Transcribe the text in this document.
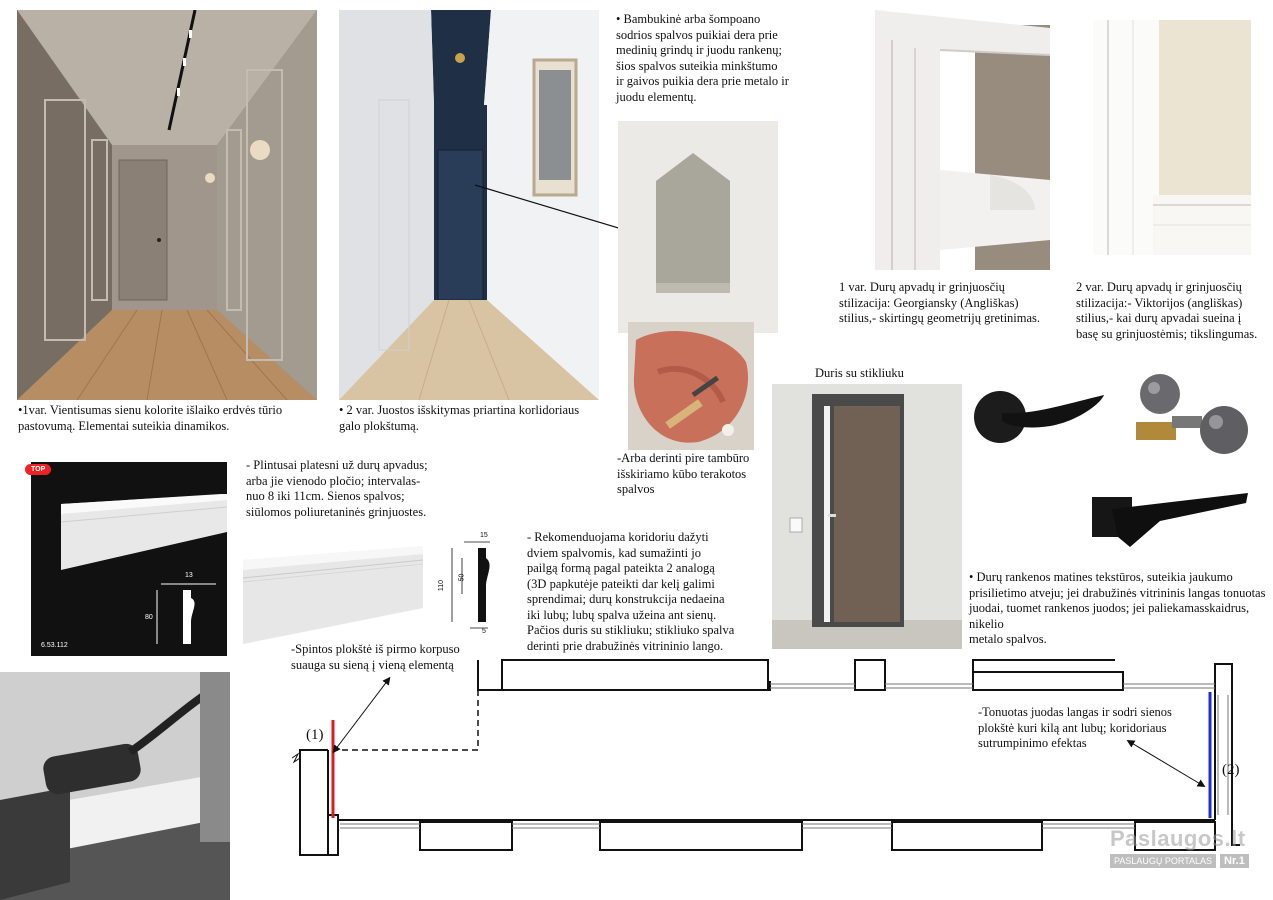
•1var. Vientisumas sienu kolorite išlaiko erdvės tūrio
pastovumą. Elementai suteikia dinamikos.
• 2 var. Juostos išskitymas priartina korlidoriaus
galo plokštumą.
• Bambukinė arba šompoano
sodrios spalvos puikiai dera prie
medinių grindų ir juodu rankenų;
šios spalvos suteikia minkštumo
ir gaivos puikia dera prie metalo ir
juodu elementų.
-Arba derinti pire tambūro
išskiriamo kūbo terakotos
spalvos
1 var. Durų apvadų ir grinjuosčių
stilizacija: Georgiansky (Angliškas)
stilius,- skirtingų geometrijų gretinimas.
2 var. Durų apvadų ir grinjuosčių
stilizacija:- Viktorijos (angliškas)
stilius,- kai durų apvadai sueina į
basę su grinjuostėmis; tikslingumas.
Duris su stikliuku
• Durų rankenos matines tekstūros, suteikia jaukumo
prisilietimo atveju; jei drabužinės vitrininis langas tonuotas
juodai, tuomet rankenos juodos; jei paliekamasskaidrus, nikelio
metalo spalvos.
TOP
13
80
6.53.112
- Plintusai platesni už durų apvadus;
arba jie vienodo pločio; intervalas-
nuo 8 iki 11cm. Sienos spalvos;
siūlomos poliuretaninės grinjuostes.
15
110
50
5
- Rekomenduojama koridoriu dažyti
dviem spalvomis, kad sumažinti jo
pailgą formą pagal pateikta 2 analogą
(3D papkutėje pateikti dar kelį galimi
sprendimai; durų konstrukcija nedaeina
iki lubų; lubų spalva užeina ant sienų.
Pačios duris su stikliuku; stikliuko spalva
derinti prie drabužinės vitrininio lango.
-Spintos plokštė iš pirmo korpuso
suauga su sieną į vieną elementą
-Tonuotas juodas langas ir sodri sienos
plokštė kuri kilą ant lubų; koridoriaus
sutrumpinimo efektas
(1)
(2)
Paslaugos.lt
PASLAUGŲ PORTALAS	Nr.1
